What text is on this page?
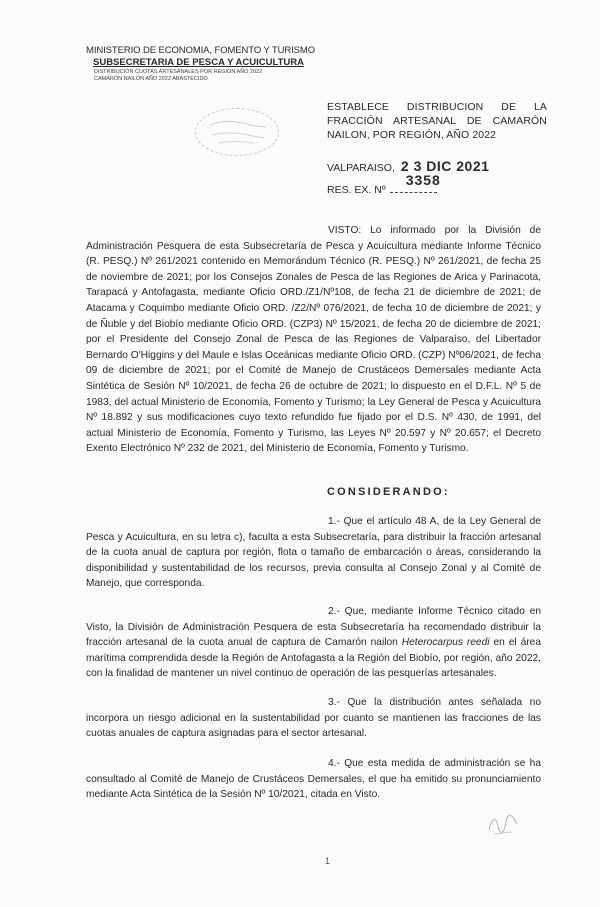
MINISTERIO DE ECONOMIA, FOMENTO Y TURISMO
SUBSECRETARIA DE PESCA Y ACUICULTURA
DISTRIBUCIÓN CUOTAS ARTESANALES POR REGION AÑO 2022
CAMARÓN NAILON AÑO 2022 ABASTECIDO
ESTABLECE DISTRIBUCION DE LA FRACCIÓN ARTESANAL DE CAMARÓN NAILON, POR REGIÓN, AÑO 2022
VALPARAISO, 2 3 DIC 2021
RES. EX. Nº
3358
VISTO: Lo informado por la División de Administración Pesquera de esta Subsecretaría de Pesca y Acuicultura mediante Informe Técnico (R. PESQ.) Nº 261/2021 contenido en Memorándum Técnico (R. PESQ.) Nº 261/2021, de fecha 25 de noviembre de 2021; por los Consejos Zonales de Pesca de las Regiones de Arica y Parinacota, Tarapacá y Antofagasta, mediante Oficio ORD./Z1/Nº108, de fecha 21 de diciembre de 2021; de Atacama y Coquimbo mediante Oficio ORD. /Z2/Nº 076/2021, de fecha 10 de diciembre de 2021; y de Ñuble y del Biobío mediante Oficio ORD. (CZP3) Nº 15/2021, de fecha 20 de diciembre de 2021; por el Presidente del Consejo Zonal de Pesca de las Regiones de Valparaíso, del Libertador Bernardo O'Higgins y del Maule e Islas Oceánicas mediante Oficio ORD. (CZP) Nº06/2021, de fecha 09 de diciembre de 2021; por el Comité de Manejo de Crustáceos Demersales mediante Acta Sintética de Sesión Nº 10/2021, de fecha 26 de octubre de 2021; lo dispuesto en el D.F.L. Nº 5 de 1983, del actual Ministerio de Economía, Fomento y Turismo; la Ley General de Pesca y Acuicultura Nº 18.892 y sus modificaciones cuyo texto refundido fue fijado por el D.S. Nº 430, de 1991, del actual Ministerio de Economía, Fomento y Turismo, las Leyes Nº 20.597 y Nº 20.657; el Decreto Exento Electrónico Nº 232 de 2021, del Ministerio de Economía, Fomento y Turismo.
CONSIDERANDO:
1.- Que el artículo 48 A, de la Ley General de Pesca y Acuicultura, en su letra c), faculta a esta Subsecretaría, para distribuir la fracción artesanal de la cuota anual de captura por región, flota o tamaño de embarcación o áreas, considerando la disponibilidad y sustentabilidad de los recursos, previa consulta al Consejo Zonal y al Comité de Manejo, que corresponda.
2.- Que, mediante Informe Técnico citado en Visto, la División de Administración Pesquera de esta Subsecretaría ha recomendado distribuir la fracción artesanal de la cuota anual de captura de Camarón nailon Heterocarpus reedi en el área marítima comprendida desde la Región de Antofagasta a la Región del Biobío, por región, año 2022, con la finalidad de mantener un nivel continuo de operación de las pesquerías artesanales.
3.- Que la distribución antes señalada no incorpora un riesgo adicional en la sustentabilidad por cuanto se mantienen las fracciones de las cuotas anuales de captura asignadas para el sector artesanal.
4.- Que esta medida de administración se ha consultado al Comité de Manejo de Crustáceos Demersales, el que ha emitido su pronunciamiento mediante Acta Sintética de la Sesión Nº 10/2021, citada en Visto.
1
